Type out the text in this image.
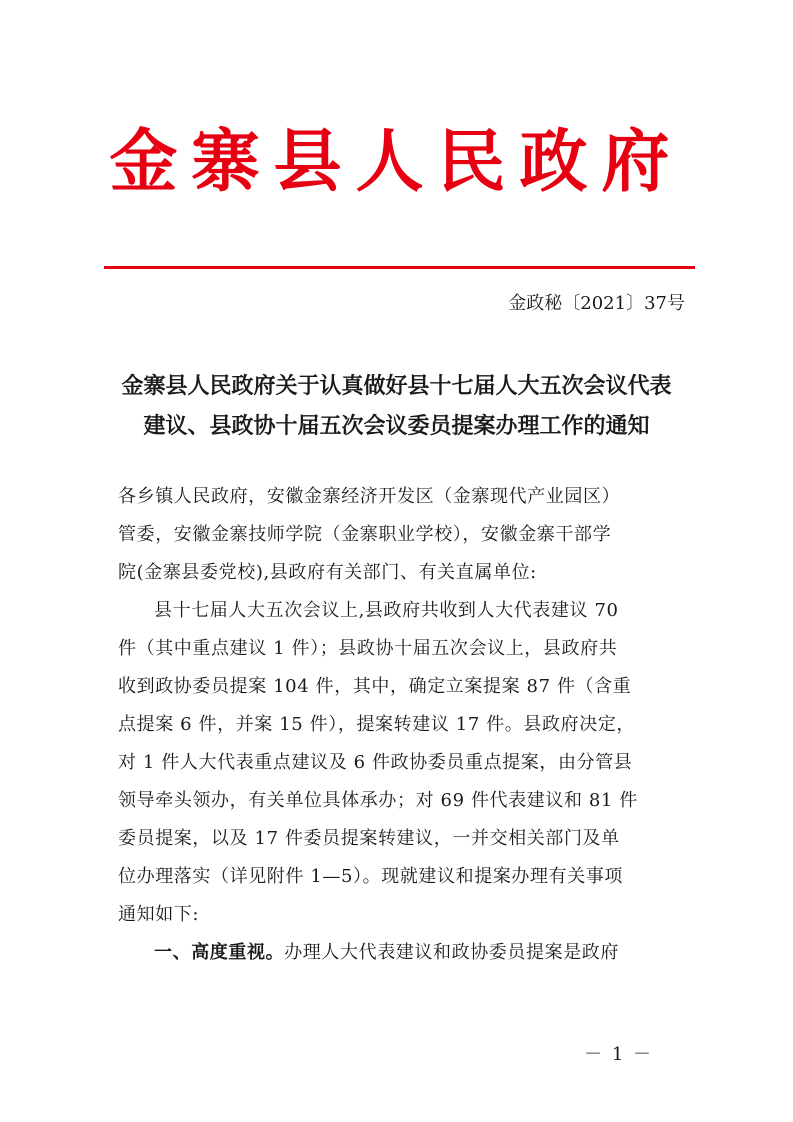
金寨县人民政府
金政秘〔2021〕37号
金寨县人民政府关于认真做好县十七届人大五次会议代表
建议、县政协十届五次会议委员提案办理工作的通知

各乡镇人民政府，安徽金寨经济开发区（金寨现代产业园区）
管委，安徽金寨技师学院（金寨职业学校），安徽金寨干部学
院(金寨县委党校),县政府有关部门、有关直属单位:

县十七届人大五次会议上,县政府共收到人大代表建议 70
件（其中重点建议 1 件）；县政协十届五次会议上，县政府共
收到政协委员提案 104 件，其中，确定立案提案 87 件（含重
点提案 6 件，并案 15 件），提案转建议 17 件。县政府决定，
对 1 件人大代表重点建议及 6 件政协委员重点提案，由分管县
领导牵头领办，有关单位具体承办；对 69 件代表建议和 81 件
委员提案，以及 17 件委员提案转建议，一并交相关部门及单
位办理落实（详见附件 1—5）。现就建议和提案办理有关事项
通知如下:

一、高度重视。办理人大代表建议和政协委员提案是政府

－ 1 －
